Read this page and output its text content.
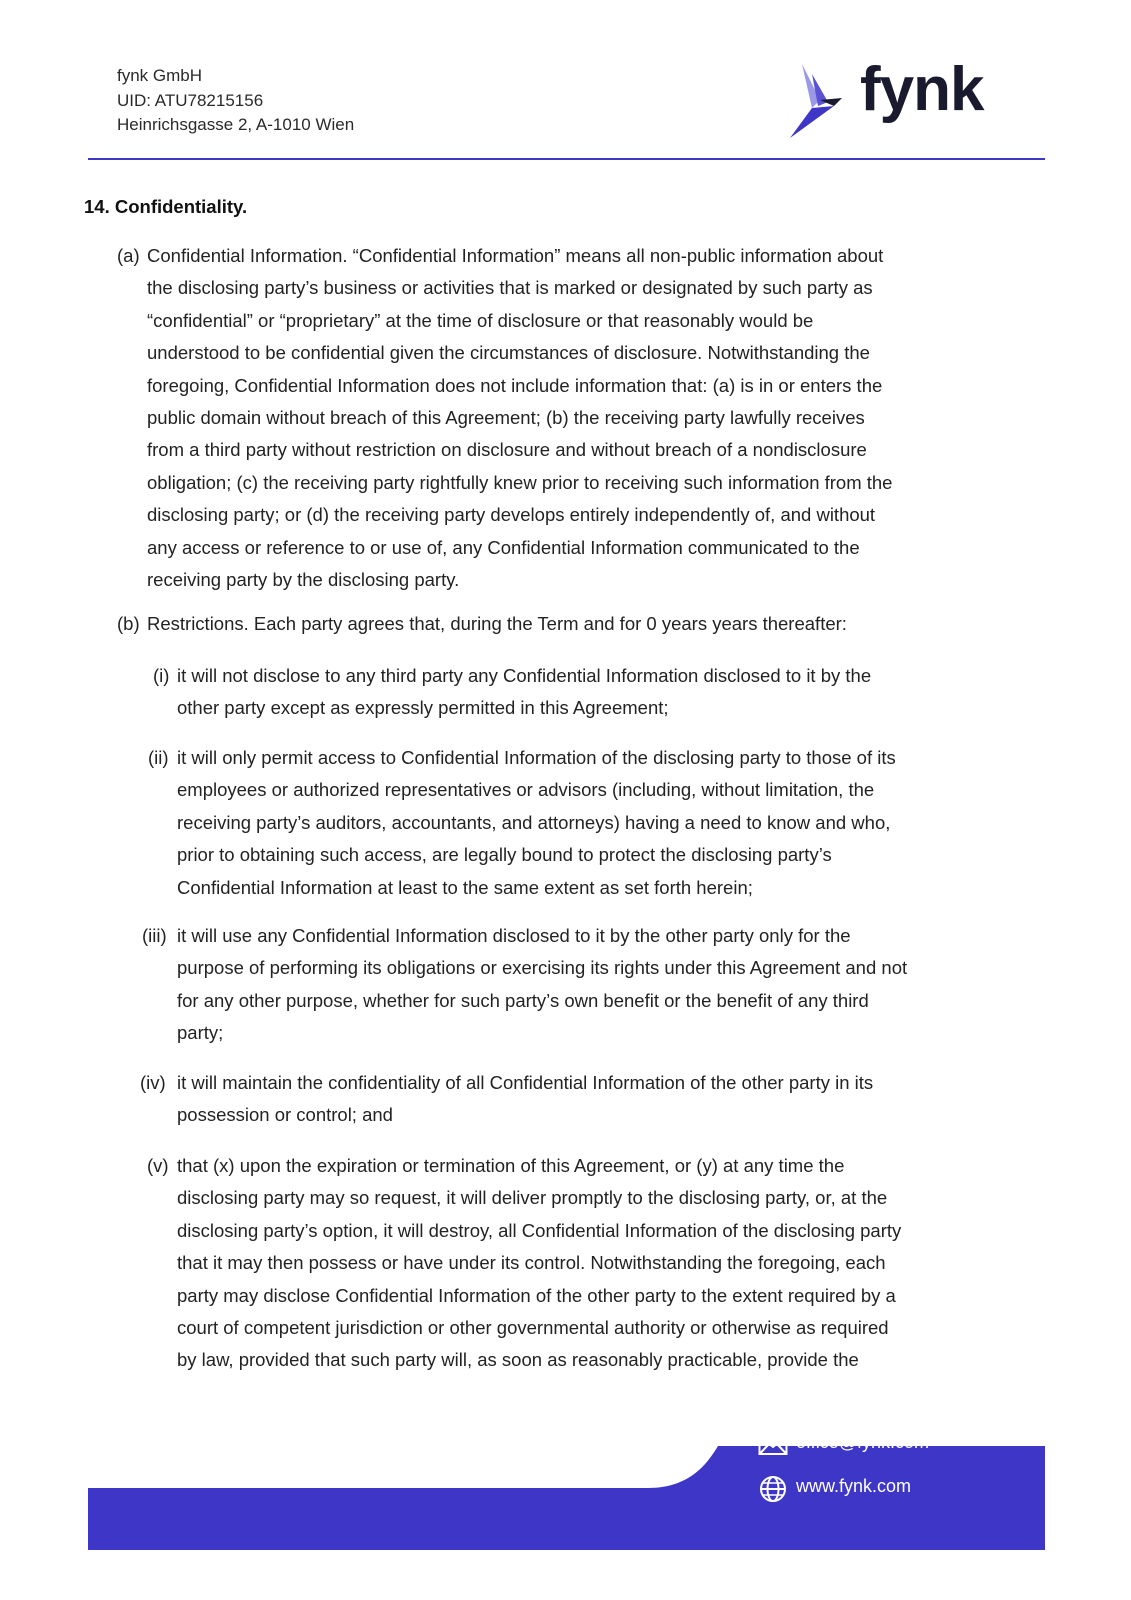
fynk GmbH
UID: ATU78215156
Heinrichsgasse 2, A-1010 Wien
fynk
14. Confidentiality.
(a) Confidential Information. “Confidential Information” means all non-public information about
the disclosing party’s business or activities that is marked or designated by such party as
“confidential” or “proprietary” at the time of disclosure or that reasonably would be
understood to be confidential given the circumstances of disclosure. Notwithstanding the
foregoing, Confidential Information does not include information that: (a) is in or enters the
public domain without breach of this Agreement; (b) the receiving party lawfully receives
from a third party without restriction on disclosure and without breach of a nondisclosure
obligation; (c) the receiving party rightfully knew prior to receiving such information from the
disclosing party; or (d) the receiving party develops entirely independently of, and without
any access or reference to or use of, any Confidential Information communicated to the
receiving party by the disclosing party.
(b) Restrictions. Each party agrees that, during the Term and for 0 years years thereafter:
(i) it will not disclose to any third party any Confidential Information disclosed to it by the
other party except as expressly permitted in this Agreement;
(ii) it will only permit access to Confidential Information of the disclosing party to those of its
employees or authorized representatives or advisors (including, without limitation, the
receiving party’s auditors, accountants, and attorneys) having a need to know and who,
prior to obtaining such access, are legally bound to protect the disclosing party’s
Confidential Information at least to the same extent as set forth herein;
(iii) it will use any Confidential Information disclosed to it by the other party only for the
purpose of performing its obligations or exercising its rights under this Agreement and not
for any other purpose, whether for such party’s own benefit or the benefit of any third
party;
(iv) it will maintain the confidentiality of all Confidential Information of the other party in its
possession or control; and
(v) that (x) upon the expiration or termination of this Agreement, or (y) at any time the
disclosing party may so request, it will deliver promptly to the disclosing party, or, at the
disclosing party’s option, it will destroy, all Confidential Information of the disclosing party
that it may then possess or have under its control. Notwithstanding the foregoing, each
party may disclose Confidential Information of the other party to the extent required by a
court of competent jurisdiction or other governmental authority or otherwise as required
by law, provided that such party will, as soon as reasonably practicable, provide the
office@fynk.com
www.fynk.com
